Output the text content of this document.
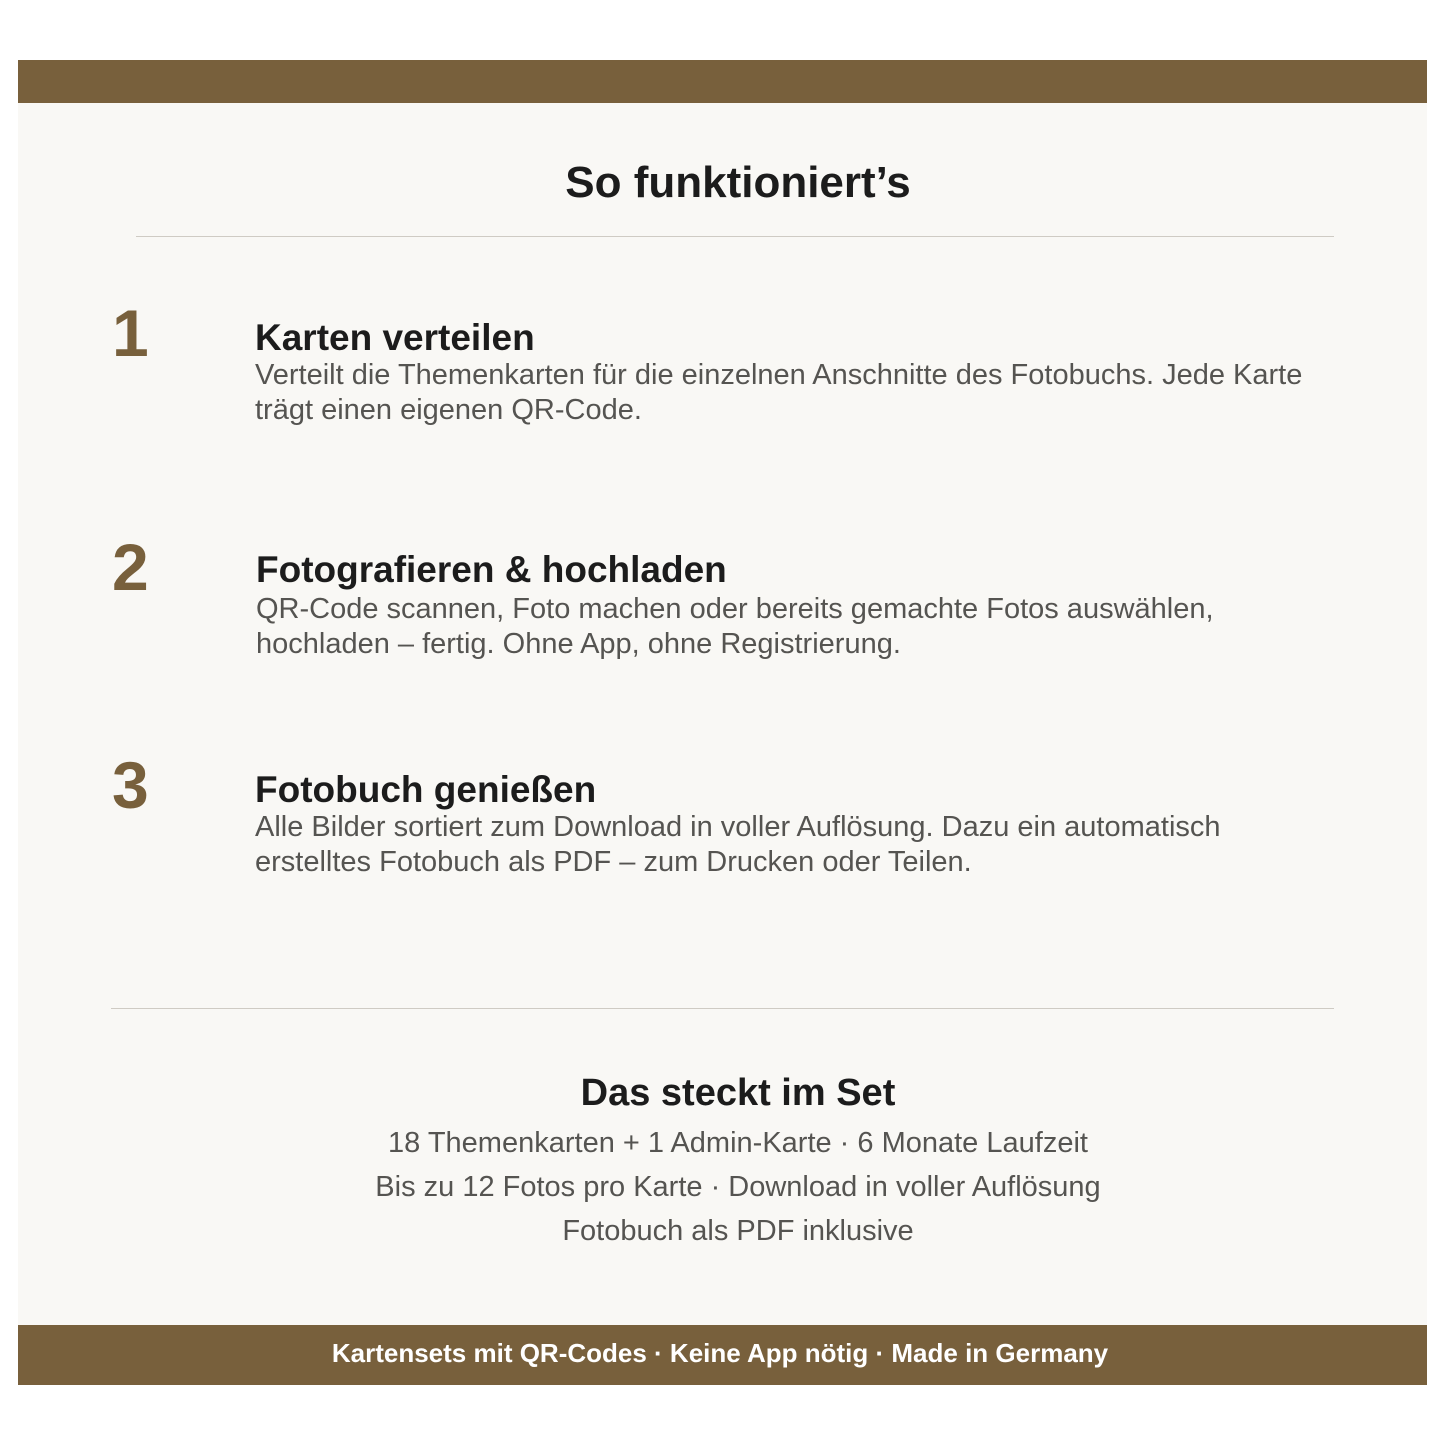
So funktioniert’s
1	Karten verteilen
Verteilt die Themenkarten für die einzelnen Anschnitte des Fotobuchs. Jede Karte trägt einen eigenen QR-Code.
2	Fotografieren & hochladen
QR-Code scannen, Foto machen oder bereits gemachte Fotos auswählen, hochladen – fertig. Ohne App, ohne Registrierung.
3	Fotobuch genießen
Alle Bilder sortiert zum Download in voller Auflösung. Dazu ein automatisch erstelltes Fotobuch als PDF – zum Drucken oder Teilen.
Das steckt im Set
18 Themenkarten + 1 Admin-Karte · 6 Monate Laufzeit
Bis zu 12 Fotos pro Karte · Download in voller Auflösung
Fotobuch als PDF inklusive
Kartensets mit QR-Codes · Keine App nötig · Made in Germany
